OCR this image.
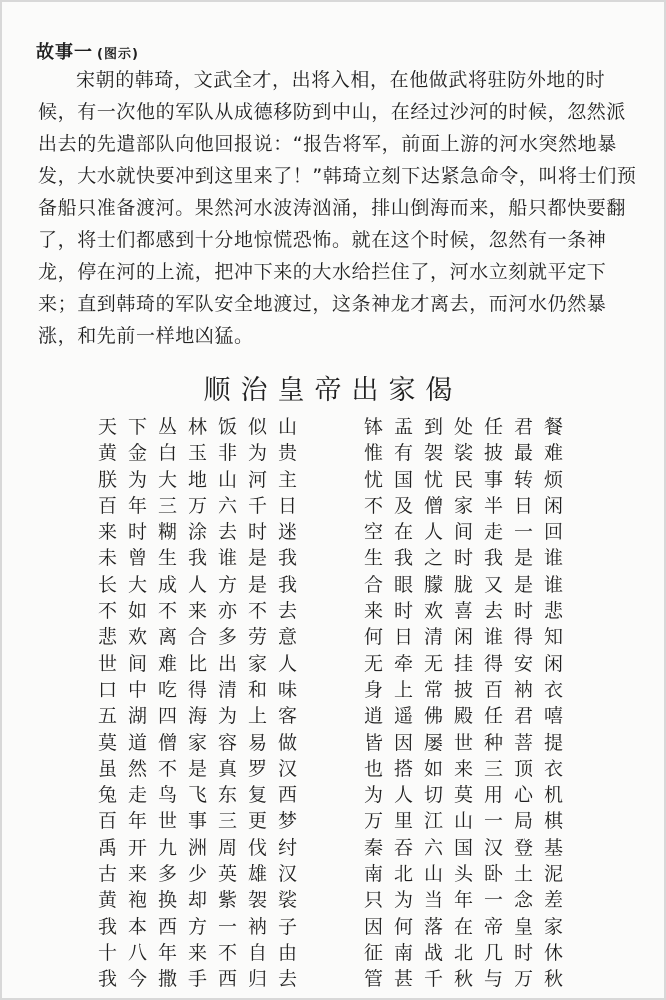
故事一 (图示)
宋朝的韩琦，文武全才，出将入相，在他做武将驻防外地的时
候，有一次他的军队从成德移防到中山，在经过沙河的时候，忽然派
出去的先遣部队向他回报说：“报告将军，前面上游的河水突然地暴
发，大水就快要冲到这里来了！”韩琦立刻下达紧急命令，叫将士们预
备船只准备渡河。果然河水波涛汹涌，排山倒海而来，船只都快要翻
了，将士们都感到十分地惊慌恐怖。就在这个时候，忽然有一条神
龙，停在河的上流，把冲下来的大水给拦住了，河水立刻就平定下
来；直到韩琦的军队安全地渡过，这条神龙才离去，而河水仍然暴
涨，和先前一样地凶猛。
顺治皇帝出家偈
天下丛林饭似山
黄金白玉非为贵
朕为大地山河主
百年三万六千日
来时糊涂去时迷
未曾生我谁是我
长大成人方是我
不如不来亦不去
悲欢离合多劳意
世间难比出家人
口中吃得清和味
五湖四海为上客
莫道僧家容易做
虽然不是真罗汉
兔走鸟飞东复西
百年世事三更梦
禹开九洲周伐纣
古来多少英雄汉
黄袍换却紫袈裟
我本西方一衲子
十八年来不自由
我今撒手西归去
钵盂到处任君餐
惟有袈裟披最难
忧国忧民事转烦
不及僧家半日闲
空在人间走一回
生我之时我是谁
合眼朦胧又是谁
来时欢喜去时悲
何日清闲谁得知
无牵无挂得安闲
身上常披百衲衣
逍遥佛殿任君嘻
皆因屡世种菩提
也搭如来三顶衣
为人切莫用心机
万里江山一局棋
秦吞六国汉登基
南北山头卧土泥
只为当年一念差
因何落在帝皇家
征南战北几时休
管甚千秋与万秋
